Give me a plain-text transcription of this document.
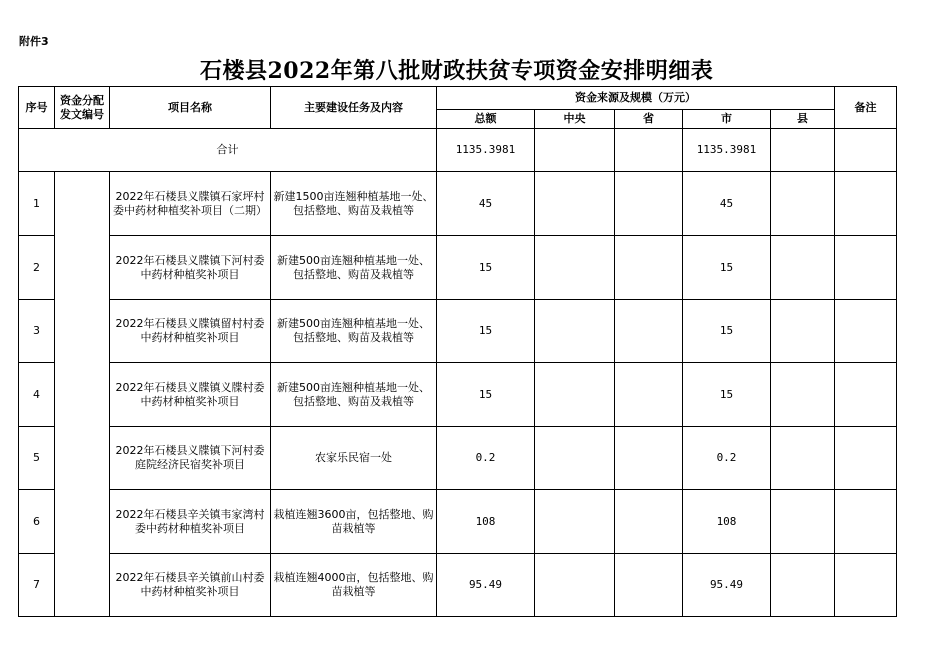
附件3
石楼县2022年第八批财政扶贫专项资金安排明细表
序号	资金分配发文编号	项目名称	主要建设任务及内容	资金来源及规模（万元）					备注
				总额	中央	省	市	县	
合计				1135.3981			1135.3981		
1		2022年石楼县义牒镇石家坪村委中药材种植奖补项目（二期）	新建1500亩连翘种植基地一处、包括整地、购苗及栽植等	45			45		
2		2022年石楼县义牒镇下河村委中药材种植奖补项目	新建500亩连翘种植基地一处、包括整地、购苗及栽植等	15			15		
3		2022年石楼县义牒镇留村村委中药材种植奖补项目	新建500亩连翘种植基地一处、包括整地、购苗及栽植等	15			15		
4		2022年石楼县义牒镇义牒村委中药材种植奖补项目	新建500亩连翘种植基地一处、包括整地、购苗及栽植等	15			15		
5		2022年石楼县义牒镇下河村委庭院经济民宿奖补项目	农家乐民宿一处	0.2			0.2		
6		2022年石楼县辛关镇韦家湾村委中药材种植奖补项目	栽植连翘3600亩，包括整地、购苗栽植等	108			108		
7		2022年石楼县辛关镇前山村委中药材种植奖补项目	栽植连翘4000亩，包括整地、购苗栽植等	95.49			95.49		
